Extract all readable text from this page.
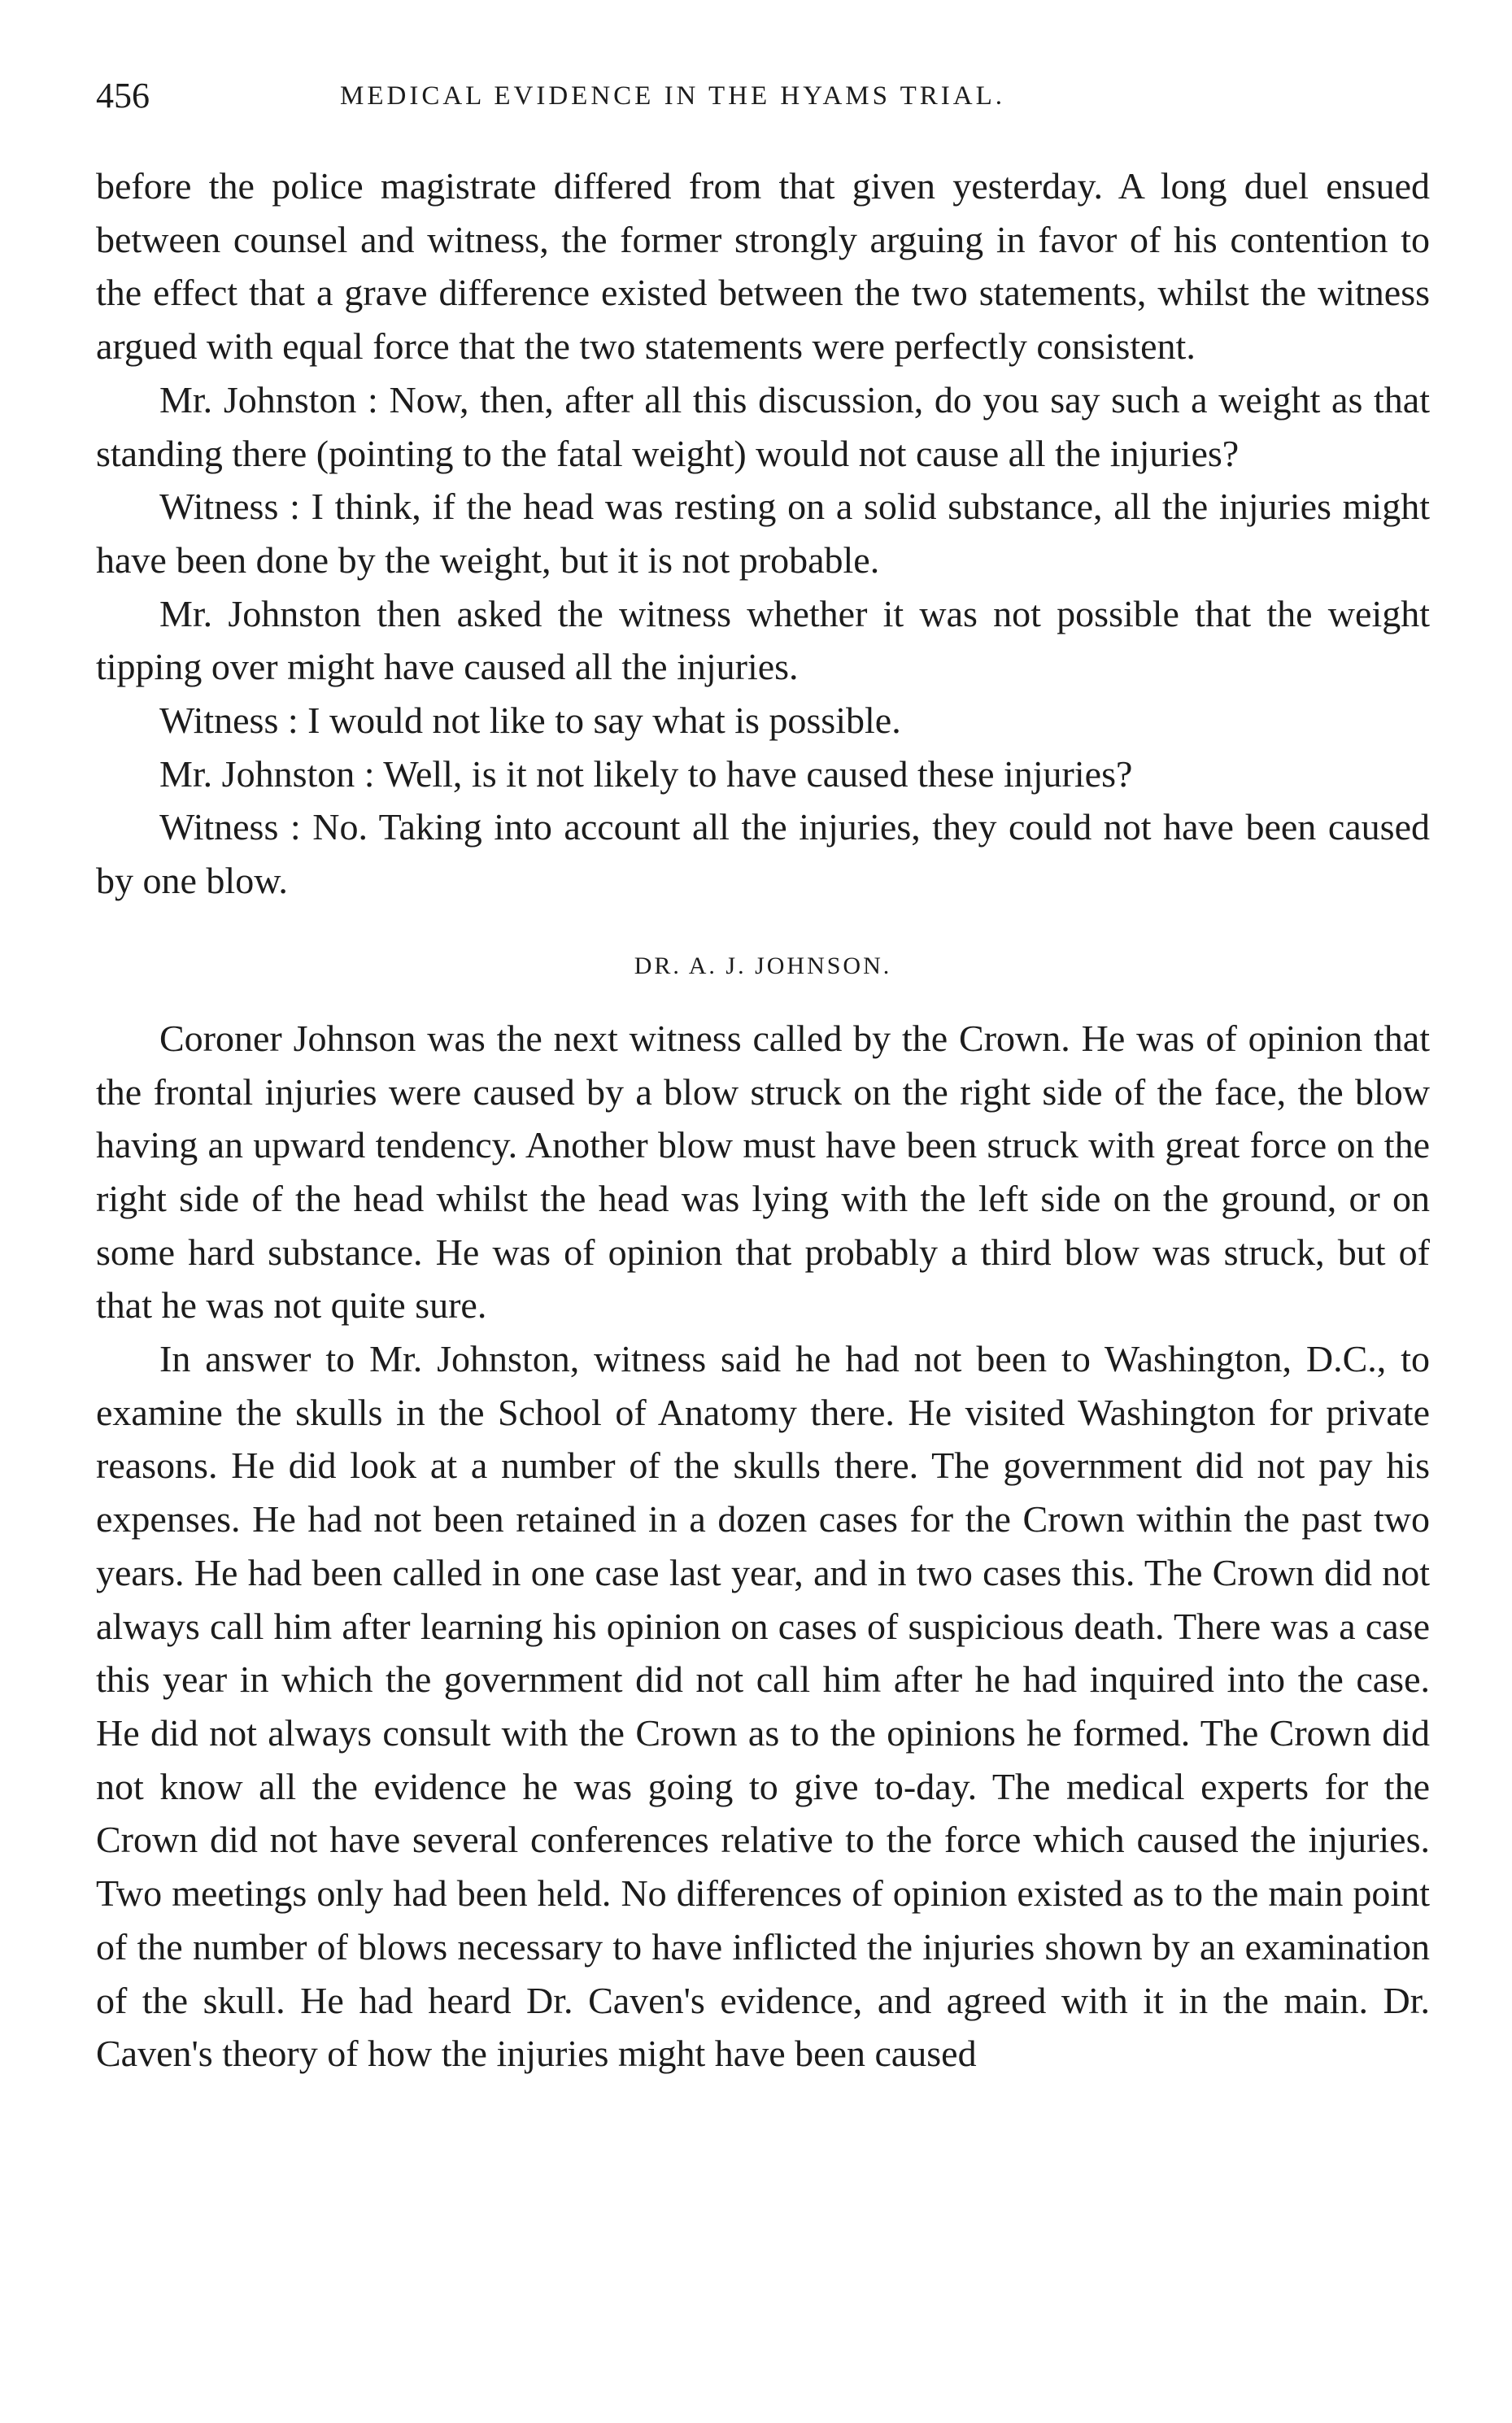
456	MEDICAL EVIDENCE IN THE HYAMS TRIAL.

before the police magistrate differed from that given yesterday. A long duel ensued between counsel and witness, the former strongly arguing in favor of his contention to the effect that a grave difference existed between the two statements, whilst the witness argued with equal force that the two statements were perfectly consistent.

Mr. Johnston : Now, then, after all this discussion, do you say such a weight as that standing there (pointing to the fatal weight) would not cause all the injuries?

Witness : I think, if the head was resting on a solid substance, all the injuries might have been done by the weight, but it is not probable.

Mr. Johnston then asked the witness whether it was not possible that the weight tipping over might have caused all the injuries.

Witness : I would not like to say what is possible.

Mr. Johnston : Well, is it not likely to have caused these injuries?

Witness : No. Taking into account all the injuries, they could not have been caused by one blow.

DR. A. J. JOHNSON.

Coroner Johnson was the next witness called by the Crown. He was of opinion that the frontal injuries were caused by a blow struck on the right side of the face, the blow having an upward tendency. Another blow must have been struck with great force on the right side of the head whilst the head was lying with the left side on the ground, or on some hard substance. He was of opinion that probably a third blow was struck, but of that he was not quite sure.

In answer to Mr. Johnston, witness said he had not been to Washington, D.C., to examine the skulls in the School of Anatomy there. He visited Washington for private reasons. He did look at a number of the skulls there. The government did not pay his expenses. He had not been retained in a dozen cases for the Crown within the past two years. He had been called in one case last year, and in two cases this. The Crown did not always call him after learning his opinion on cases of suspicious death. There was a case this year in which the government did not call him after he had inquired into the case. He did not always consult with the Crown as to the opinions he formed. The Crown did not know all the evidence he was going to give to-day. The medical experts for the Crown did not have several conferences relative to the force which caused the injuries. Two meetings only had been held. No differences of opinion existed as to the main point of the number of blows necessary to have inflicted the injuries shown by an examination of the skull. He had heard Dr. Caven's evidence, and agreed with it in the main. Dr. Caven's theory of how the injuries might have been caused
